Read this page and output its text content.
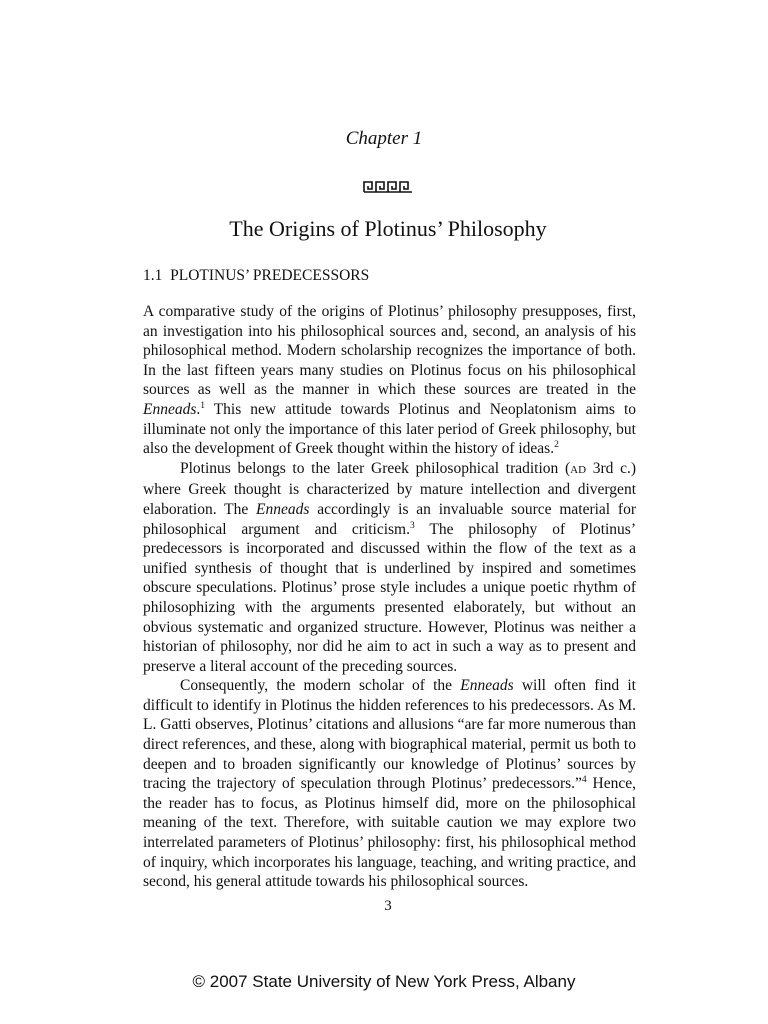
Chapter 1
The Origins of Plotinus’ Philosophy
1.1 PLOTINUS’ PREDECESSORS

A comparative study of the origins of Plotinus’ philosophy presupposes, first, an investigation into his philosophical sources and, second, an analysis of his philosophical method. Modern scholarship recognizes the importance of both. In the last fifteen years many studies on Plotinus focus on his philosophical sources as well as the manner in which these sources are treated in the Enneads.$^1$ This new attitude towards Plotinus and Neoplatonism aims to illuminate not only the importance of this later period of Greek philosophy, but also the development of Greek thought within the history of ideas.$^2$

Plotinus belongs to the later Greek philosophical tradition (AD 3rd c.) where Greek thought is characterized by mature intellection and divergent elaboration. The Enneads accordingly is an invaluable source material for philosophical argument and criticism.$^3$ The philosophy of Plotinus’ predecessors is incorporated and discussed within the flow of the text as a unified synthesis of thought that is underlined by inspired and sometimes obscure speculations. Plotinus’ prose style includes a unique poetic rhythm of philosophizing with the arguments presented elaborately, but without an obvious systematic and organized structure. However, Plotinus was neither a historian of philosophy, nor did he aim to act in such a way as to present and preserve a literal account of the preceding sources.

Consequently, the modern scholar of the Enneads will often find it difficult to identify in Plotinus the hidden references to his predecessors. As M. L. Gatti observes, Plotinus’ citations and allusions “are far more numerous than direct references, and these, along with biographical material, permit us both to deepen and to broaden significantly our knowledge of Plotinus’ sources by tracing the trajectory of speculation through Plotinus’ predecessors.”$^4$ Hence, the reader has to focus, as Plotinus himself did, more on the philosophical meaning of the text. Therefore, with suitable caution we may explore two interrelated parameters of Plotinus’ philosophy: first, his philosophical method of inquiry, which incorporates his language, teaching, and writing practice, and second, his general attitude towards his philosophical sources.

3
© 2007 State University of New York Press, Albany
